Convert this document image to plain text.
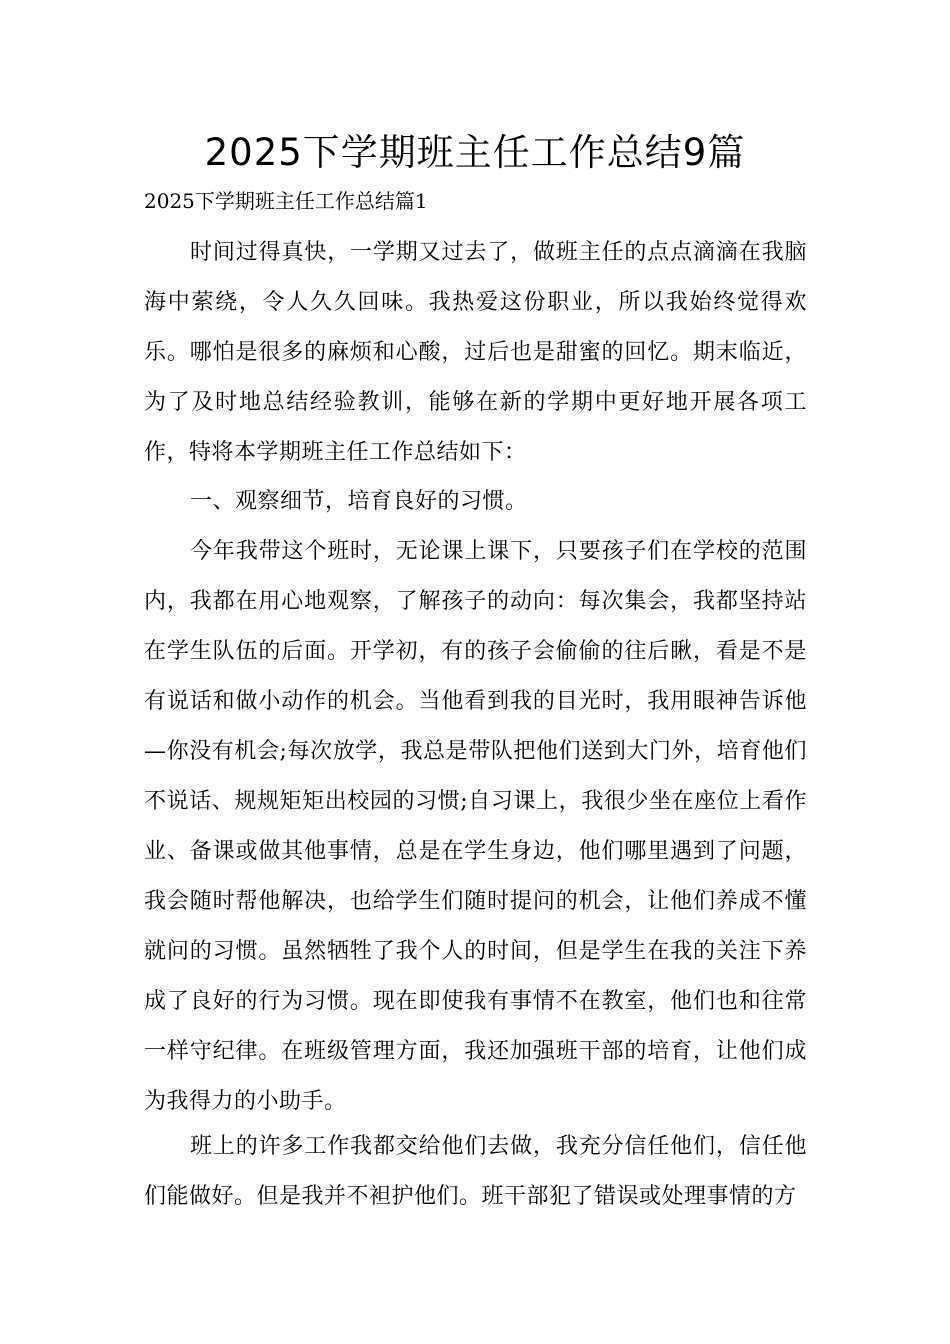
2025下学期班主任工作总结9篇
2025下学期班主任工作总结篇1

时间过得真快，一学期又过去了，做班主任的点点滴滴在我脑海中萦绕，令人久久回味。我热爱这份职业，所以我始终觉得欢乐。哪怕是很多的麻烦和心酸，过后也是甜蜜的回忆。期末临近，为了及时地总结经验教训，能够在新的学期中更好地开展各项工作，特将本学期班主任工作总结如下：

一、观察细节，培育良好的习惯。

今年我带这个班时，无论课上课下，只要孩子们在学校的范围内，我都在用心地观察，了解孩子的动向：每次集会，我都坚持站在学生队伍的后面。开学初，有的孩子会偷偷的往后瞅，看是不是有说话和做小动作的机会。当他看到我的目光时，我用眼神告诉他—你没有机会;每次放学，我总是带队把他们送到大门外，培育他们不说话、规规矩矩出校园的习惯;自习课上，我很少坐在座位上看作业、备课或做其他事情，总是在学生身边，他们哪里遇到了问题，我会随时帮他解决，也给学生们随时提问的机会，让他们养成不懂就问的习惯。虽然牺牲了我个人的时间，但是学生在我的关注下养成了良好的行为习惯。现在即使我有事情不在教室，他们也和往常一样守纪律。在班级管理方面，我还加强班干部的培育，让他们成为我得力的小助手。

班上的许多工作我都交给他们去做，我充分信任他们，信任他们能做好。但是我并不袒护他们。班干部犯了错误或处理事情的方
